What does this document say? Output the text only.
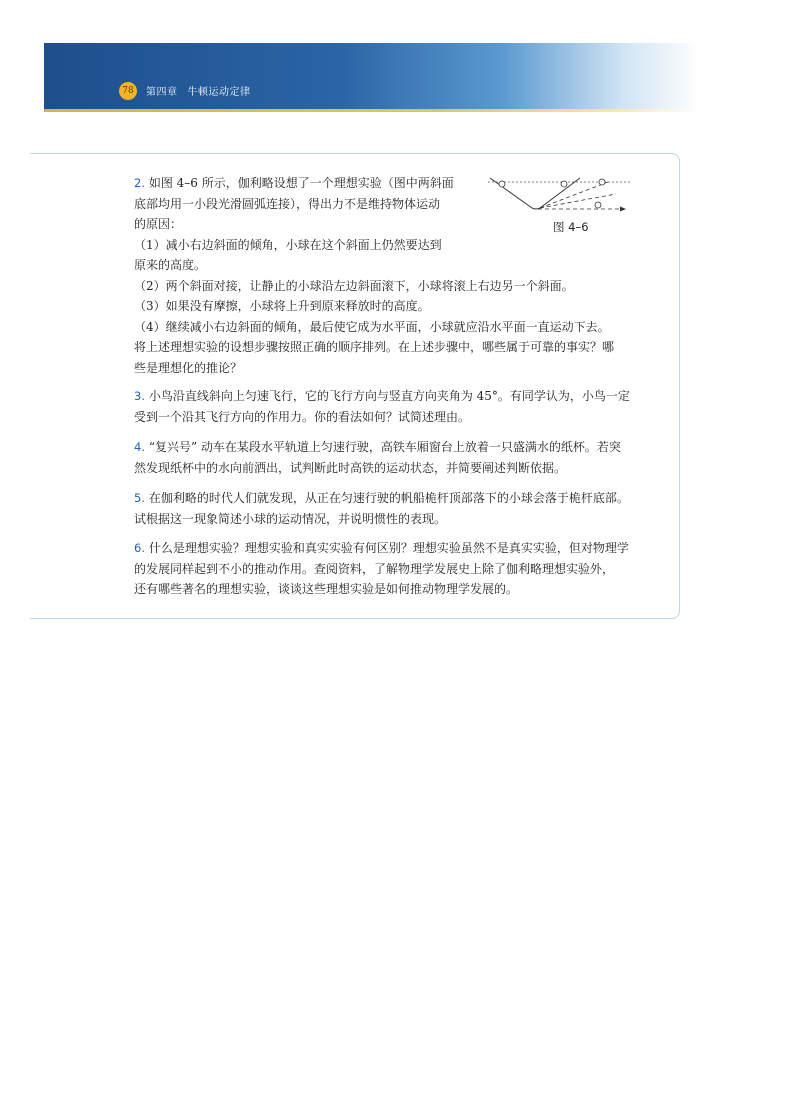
78	第四章 牛顿运动定律
2. 如图 4–6 所示，伽利略设想了一个理想实验（图中两斜面
底部均用一小段光滑圆弧连接），得出力不是维持物体运动
的原因：
（1）减小右边斜面的倾角，小球在这个斜面上仍然要达到
原来的高度。
（2）两个斜面对接，让静止的小球沿左边斜面滚下，小球将滚上右边另一个斜面。
（3）如果没有摩擦，小球将上升到原来释放时的高度。
（4）继续减小右边斜面的倾角，最后使它成为水平面，小球就应沿水平面一直运动下去。
将上述理想实验的设想步骤按照正确的顺序排列。在上述步骤中，哪些属于可靠的事实？哪
些是理想化的推论？
图 4–6
3. 小鸟沿直线斜向上匀速飞行，它的飞行方向与竖直方向夹角为 45°。有同学认为，小鸟一定
受到一个沿其飞行方向的作用力。你的看法如何？试简述理由。
4. “复兴号” 动车在某段水平轨道上匀速行驶，高铁车厢窗台上放着一只盛满水的纸杯。若突
然发现纸杯中的水向前洒出，试判断此时高铁的运动状态，并简要阐述判断依据。
5. 在伽利略的时代人们就发现，从正在匀速行驶的帆船桅杆顶部落下的小球会落于桅杆底部。
试根据这一现象简述小球的运动情况，并说明惯性的表现。
6. 什么是理想实验？理想实验和真实实验有何区别？理想实验虽然不是真实实验，但对物理学
的发展同样起到不小的推动作用。查阅资料，了解物理学发展史上除了伽利略理想实验外，
还有哪些著名的理想实验，谈谈这些理想实验是如何推动物理学发展的。
